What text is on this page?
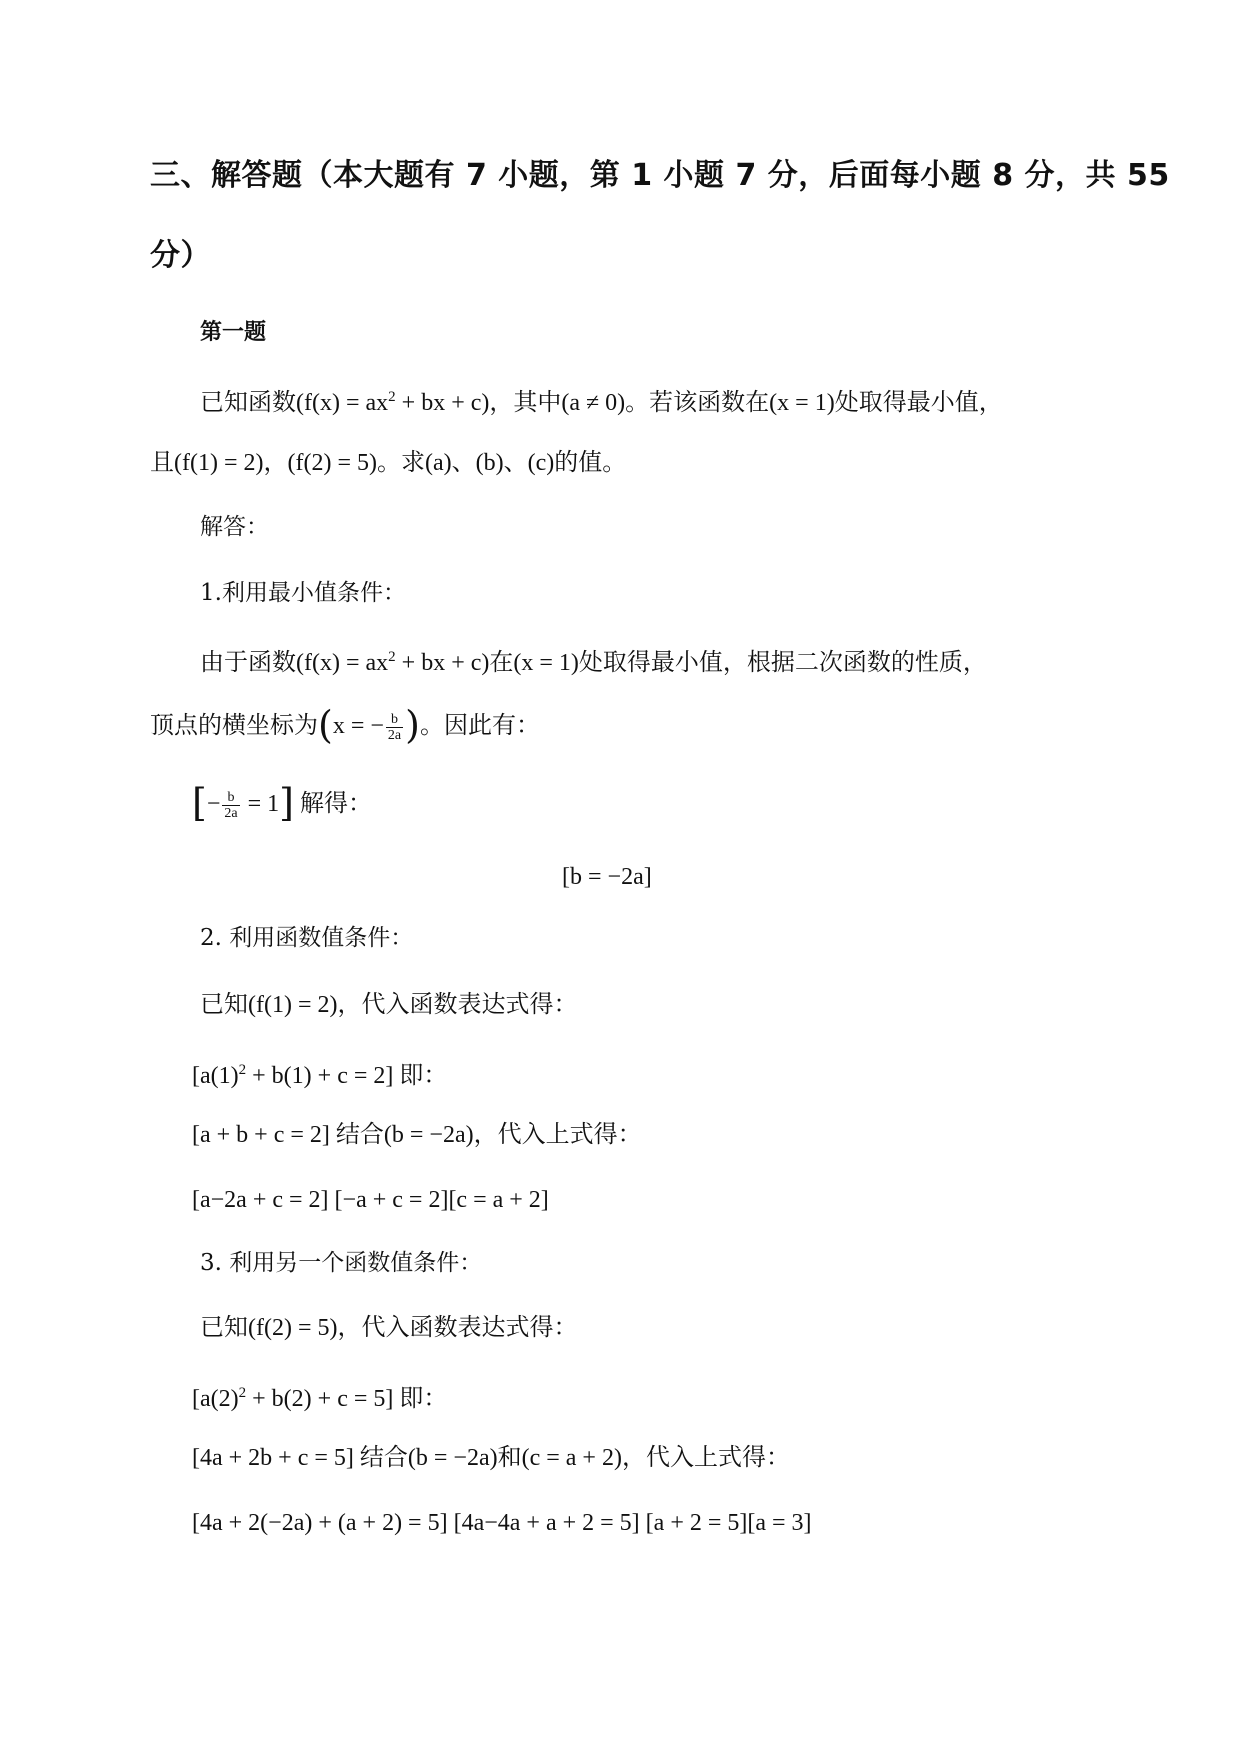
三、解答题（本大题有 7 小题，第 1 小题 7 分，后面每小题 8 分，共 55
分）
第一题
已知函数($f(x) = ax^2$ + bx + c)，其中(a ≠ 0)。若该函数在(x = 1)处取得最小值，
且(f(1) = 2)，(f(2) = 5)。求(a)、(b)、(c)的值。
解答：
1.利用最小值条件：
由于函数($f(x) = ax^2$ + bx + c)在(x = 1)处取得最小值，根据二次函数的性质，
顶点的横坐标为(x = − $\frac{b}{2a}$ )。因此有：
[− $\frac{b}{2a} = 1$] 解得：
[b = −2a]
2. 利用函数值条件：
已知(f(1) = 2)，代入函数表达式得：
$[a(1)^2 + b(1) + c = 2]$ 即：
[a + b + c = 2] 结合(b = −2a)，代入上式得：
[a−2a + c = 2] [−a + c = 2][c = a + 2]
3. 利用另一个函数值条件：
已知(f(2) = 5)，代入函数表达式得：
$[a(2)^2 + b(2) + c = 5]$ 即：
[4a + 2b + c = 5] 结合(b = −2a)和(c = a + 2)，代入上式得：
[4a + 2(−2a) + (a + 2) = 5] [4a−4a + a + 2 = 5] [a + 2 = 5][a = 3]
